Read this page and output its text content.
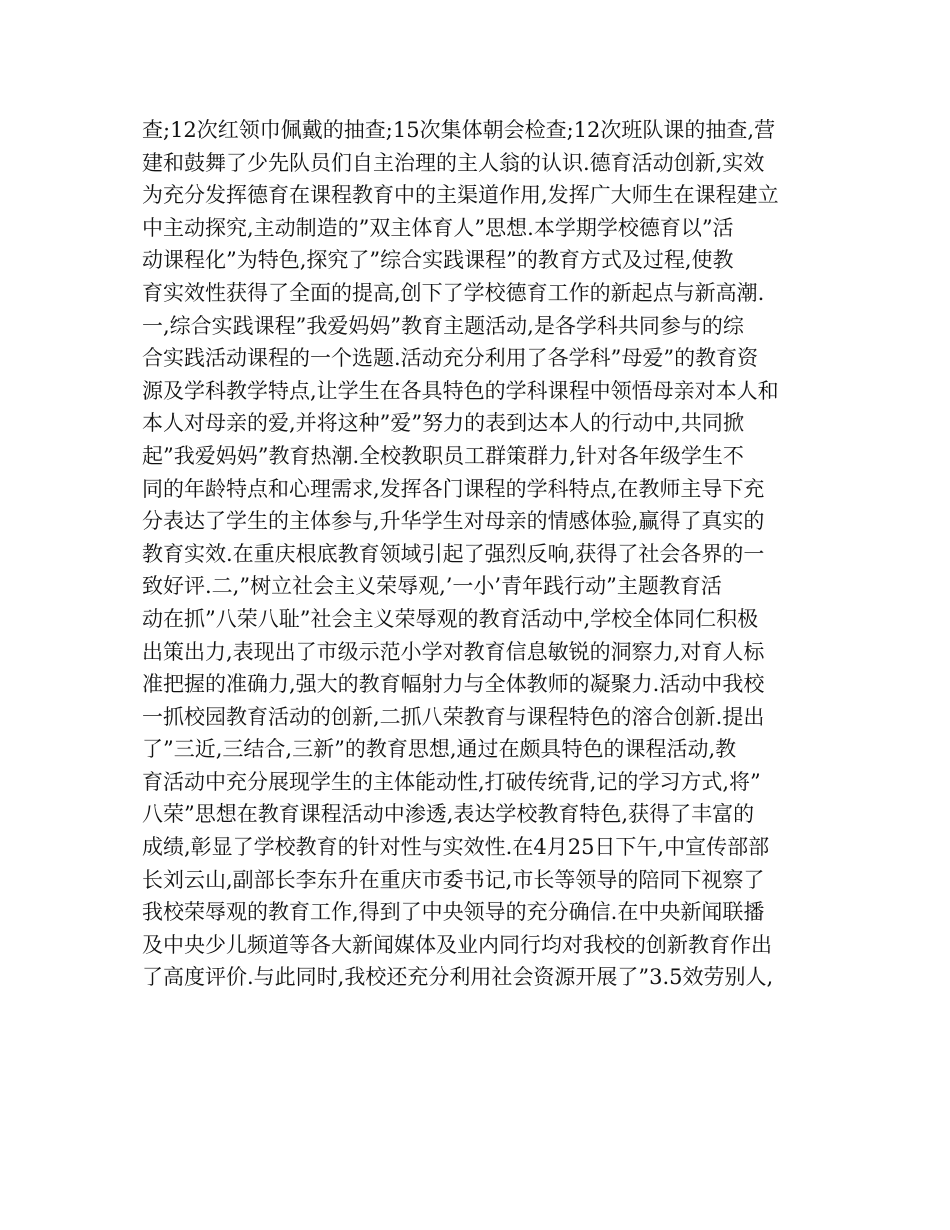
查;12次红领巾佩戴的抽查;15次集体朝会检查;12次班队课的抽查,营
建和鼓舞了少先队员们自主治理的主人翁的认识.德育活动创新,实效
为充分发挥德育在课程教育中的主渠道作用,发挥广大师生在课程建立
中主动探究,主动制造的”双主体育人”思想.本学期学校德育以”活
动课程化”为特色,探究了”综合实践课程”的教育方式及过程,使教
育实效性获得了全面的提高,创下了学校德育工作的新起点与新高潮.
一,综合实践课程”我爱妈妈”教育主题活动,是各学科共同参与的综
合实践活动课程的一个选题.活动充分利用了各学科”母爱”的教育资
源及学科教学特点,让学生在各具特色的学科课程中领悟母亲对本人和
本人对母亲的爱,并将这种”爱”努力的表到达本人的行动中,共同掀
起”我爱妈妈”教育热潮.全校教职员工群策群力,针对各年级学生不
同的年龄特点和心理需求,发挥各门课程的学科特点,在教师主导下充
分表达了学生的主体参与,升华学生对母亲的情感体验,赢得了真实的
教育实效.在重庆根底教育领域引起了强烈反响,获得了社会各界的一
致好评.二,”树立社会主义荣辱观,’一小’青年践行动”主题教育活
动在抓”八荣八耻”社会主义荣辱观的教育活动中,学校全体同仁积极
出策出力,表现出了市级示范小学对教育信息敏锐的洞察力,对育人标
准把握的准确力,强大的教育幅射力与全体教师的凝聚力.活动中我校
一抓校园教育活动的创新,二抓八荣教育与课程特色的溶合创新.提出
了”三近,三结合,三新”的教育思想,通过在颇具特色的课程活动,教
育活动中充分展现学生的主体能动性,打破传统背,记的学习方式,将”
八荣”思想在教育课程活动中渗透,表达学校教育特色,获得了丰富的
成绩,彰显了学校教育的针对性与实效性.在4月25日下午,中宣传部部
长刘云山,副部长李东升在重庆市委书记,市长等领导的陪同下视察了
我校荣辱观的教育工作,得到了中央领导的充分确信.在中央新闻联播
及中央少儿频道等各大新闻媒体及业内同行均对我校的创新教育作出
了高度评价.与此同时,我校还充分利用社会资源开展了”3.5效劳别人,
